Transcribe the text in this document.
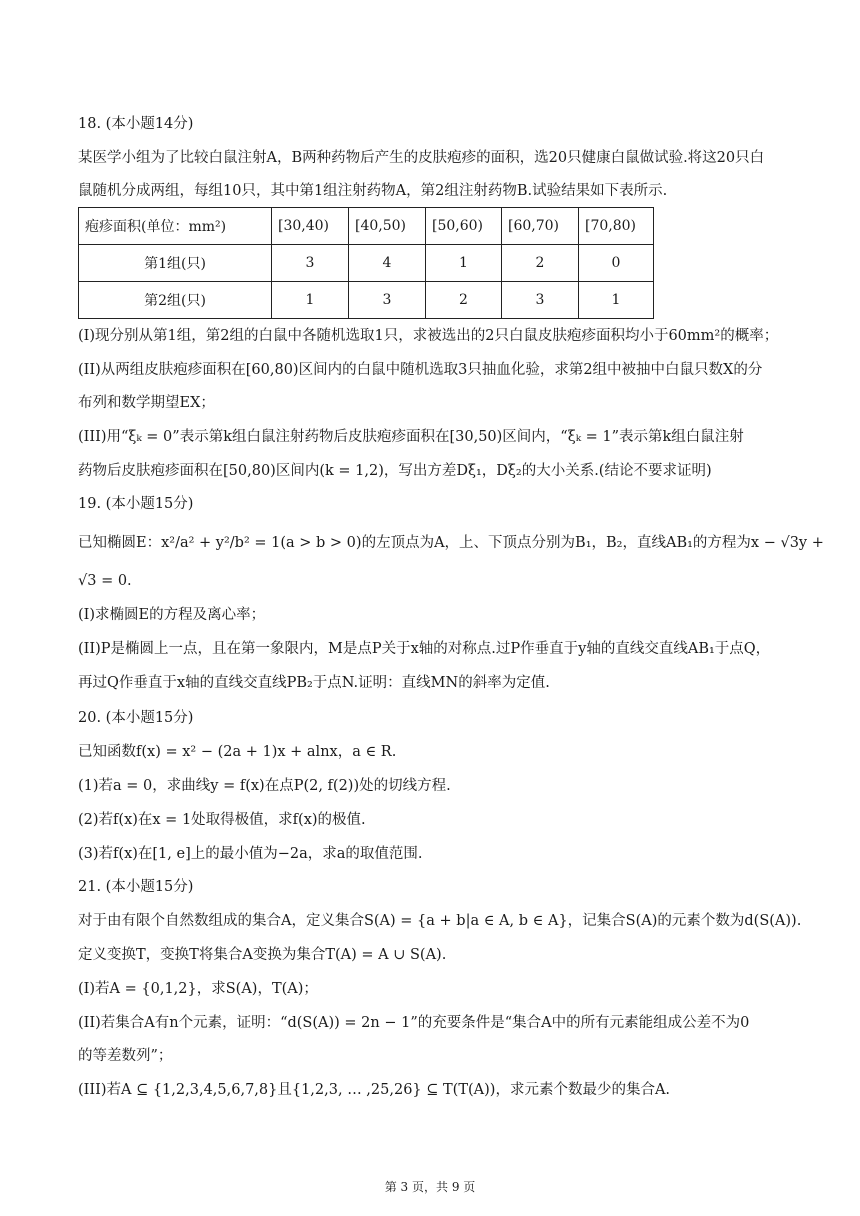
18. (本小题14分)
某医学小组为了比较白鼠注射A，B两种药物后产生的皮肤疱疹的面积，选20只健康白鼠做试验.将这20只白
鼠随机分成两组，每组10只，其中第1组注射药物A，第2组注射药物B.试验结果如下表所示.
疱疹面积(单位：mm²)	[30,40)	[40,50)	[50,60)	[60,70)	[70,80)
第1组(只)	3	4	1	2	0
第2组(只)	1	3	2	3	1
(I)现分别从第1组，第2组的白鼠中各随机选取1只，求被选出的2只白鼠皮肤疱疹面积均小于60mm²的概率；
(II)从两组皮肤疱疹面积在[60,80)区间内的白鼠中随机选取3只抽血化验，求第2组中被抽中白鼠只数X的分
布列和数学期望EX；
(III)用“ξₖ = 0”表示第k组白鼠注射药物后皮肤疱疹面积在[30,50)区间内，“ξₖ = 1”表示第k组白鼠注射
药物后皮肤疱疹面积在[50,80)区间内(k = 1,2)，写出方差Dξ₁，Dξ₂的大小关系.(结论不要求证明)
19. (本小题15分)
已知椭圆E：x²/a² + y²/b² = 1(a > b > 0)的左顶点为A，上、下顶点分别为B₁，B₂，直线AB₁的方程为x − √3y +
√3 = 0.
(I)求椭圆E的方程及离心率；
(II)P是椭圆上一点，且在第一象限内，M是点P关于x轴的对称点.过P作垂直于y轴的直线交直线AB₁于点Q，
再过Q作垂直于x轴的直线交直线PB₂于点N.证明：直线MN的斜率为定值.
20. (本小题15分)
已知函数f(x) = x² − (2a + 1)x + alnx，a ∈ R.
(1)若a = 0，求曲线y = f(x)在点P(2, f(2))处的切线方程.
(2)若f(x)在x = 1处取得极值，求f(x)的极值.
(3)若f(x)在[1, e]上的最小值为−2a，求a的取值范围.
21. (本小题15分)
对于由有限个自然数组成的集合A，定义集合S(A) = {a + b|a ∈ A, b ∈ A}，记集合S(A)的元素个数为d(S(A)).
定义变换T，变换T将集合A变换为集合T(A) = A ∪ S(A).
(I)若A = {0,1,2}，求S(A)，T(A)；
(II)若集合A有n个元素，证明：“d(S(A)) = 2n − 1”的充要条件是“集合A中的所有元素能组成公差不为0
的等差数列”；
(III)若A ⊆ {1,2,3,4,5,6,7,8}且{1,2,3, … ,25,26} ⊆ T(T(A))，求元素个数最少的集合A.
第 3 页，共 9 页
